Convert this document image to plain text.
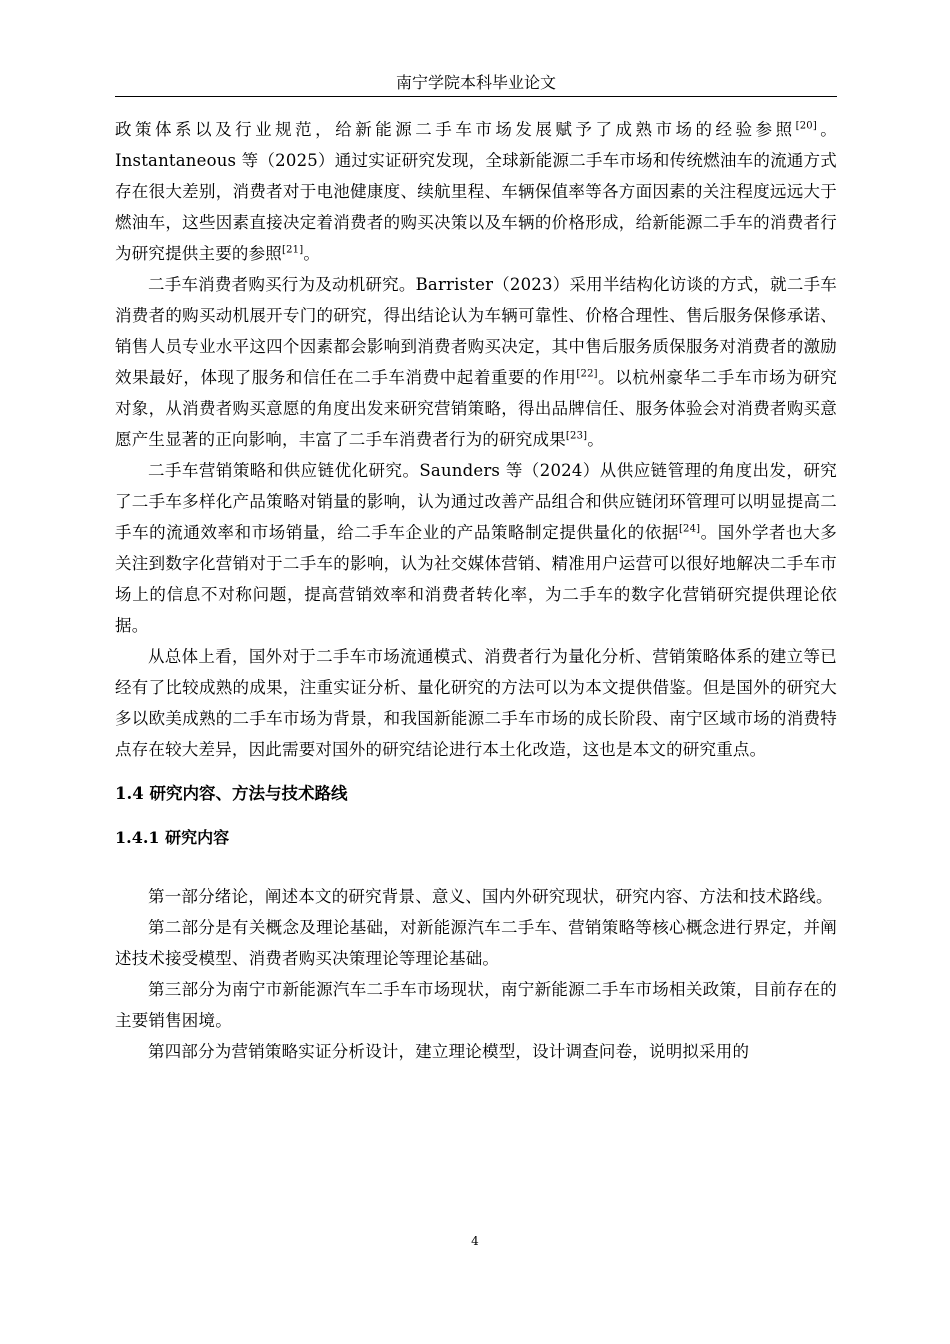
南宁学院本科毕业论文

政策体系以及行业规范，给新能源二手车市场发展赋予了成熟市场的经验参照[20]。Instantaneous 等（2025）通过实证研究发现，全球新能源二手车市场和传统燃油车的流通方式存在很大差别，消费者对于电池健康度、续航里程、车辆保值率等各方面因素的关注程度远远大于燃油车，这些因素直接决定着消费者的购买决策以及车辆的价格形成，给新能源二手车的消费者行为研究提供主要的参照[21]。

二手车消费者购买行为及动机研究。Barrister（2023）采用半结构化访谈的方式，就二手车消费者的购买动机展开专门的研究，得出结论认为车辆可靠性、价格合理性、售后服务保修承诺、销售人员专业水平这四个因素都会影响到消费者购买决定，其中售后服务质保服务对消费者的激励效果最好，体现了服务和信任在二手车消费中起着重要的作用[22]。以杭州豪华二手车市场为研究对象，从消费者购买意愿的角度出发来研究营销策略，得出品牌信任、服务体验会对消费者购买意愿产生显著的正向影响，丰富了二手车消费者行为的研究成果[23]。

二手车营销策略和供应链优化研究。Saunders 等（2024）从供应链管理的角度出发，研究了二手车多样化产品策略对销量的影响，认为通过改善产品组合和供应链闭环管理可以明显提高二手车的流通效率和市场销量，给二手车企业的产品策略制定提供量化的依据[24]。国外学者也大多关注到数字化营销对于二手车的影响，认为社交媒体营销、精准用户运营可以很好地解决二手车市场上的信息不对称问题，提高营销效率和消费者转化率，为二手车的数字化营销研究提供理论依据。

从总体上看，国外对于二手车市场流通模式、消费者行为量化分析、营销策略体系的建立等已经有了比较成熟的成果，注重实证分析、量化研究的方法可以为本文提供借鉴。但是国外的研究大多以欧美成熟的二手车市场为背景，和我国新能源二手车市场的成长阶段、南宁区域市场的消费特点存在较大差异，因此需要对国外的研究结论进行本土化改造，这也是本文的研究重点。

1.4 研究内容、方法与技术路线
1.4.1 研究内容

第一部分绪论，阐述本文的研究背景、意义、国内外研究现状，研究内容、方法和技术路线。

第二部分是有关概念及理论基础，对新能源汽车二手车、营销策略等核心概念进行界定，并阐述技术接受模型、消费者购买决策理论等理论基础。

第三部分为南宁市新能源汽车二手车市场现状，南宁新能源二手车市场相关政策，目前存在的主要销售困境。

第四部分为营销策略实证分析设计，建立理论模型，设计调查问卷，说明拟采用的

4
